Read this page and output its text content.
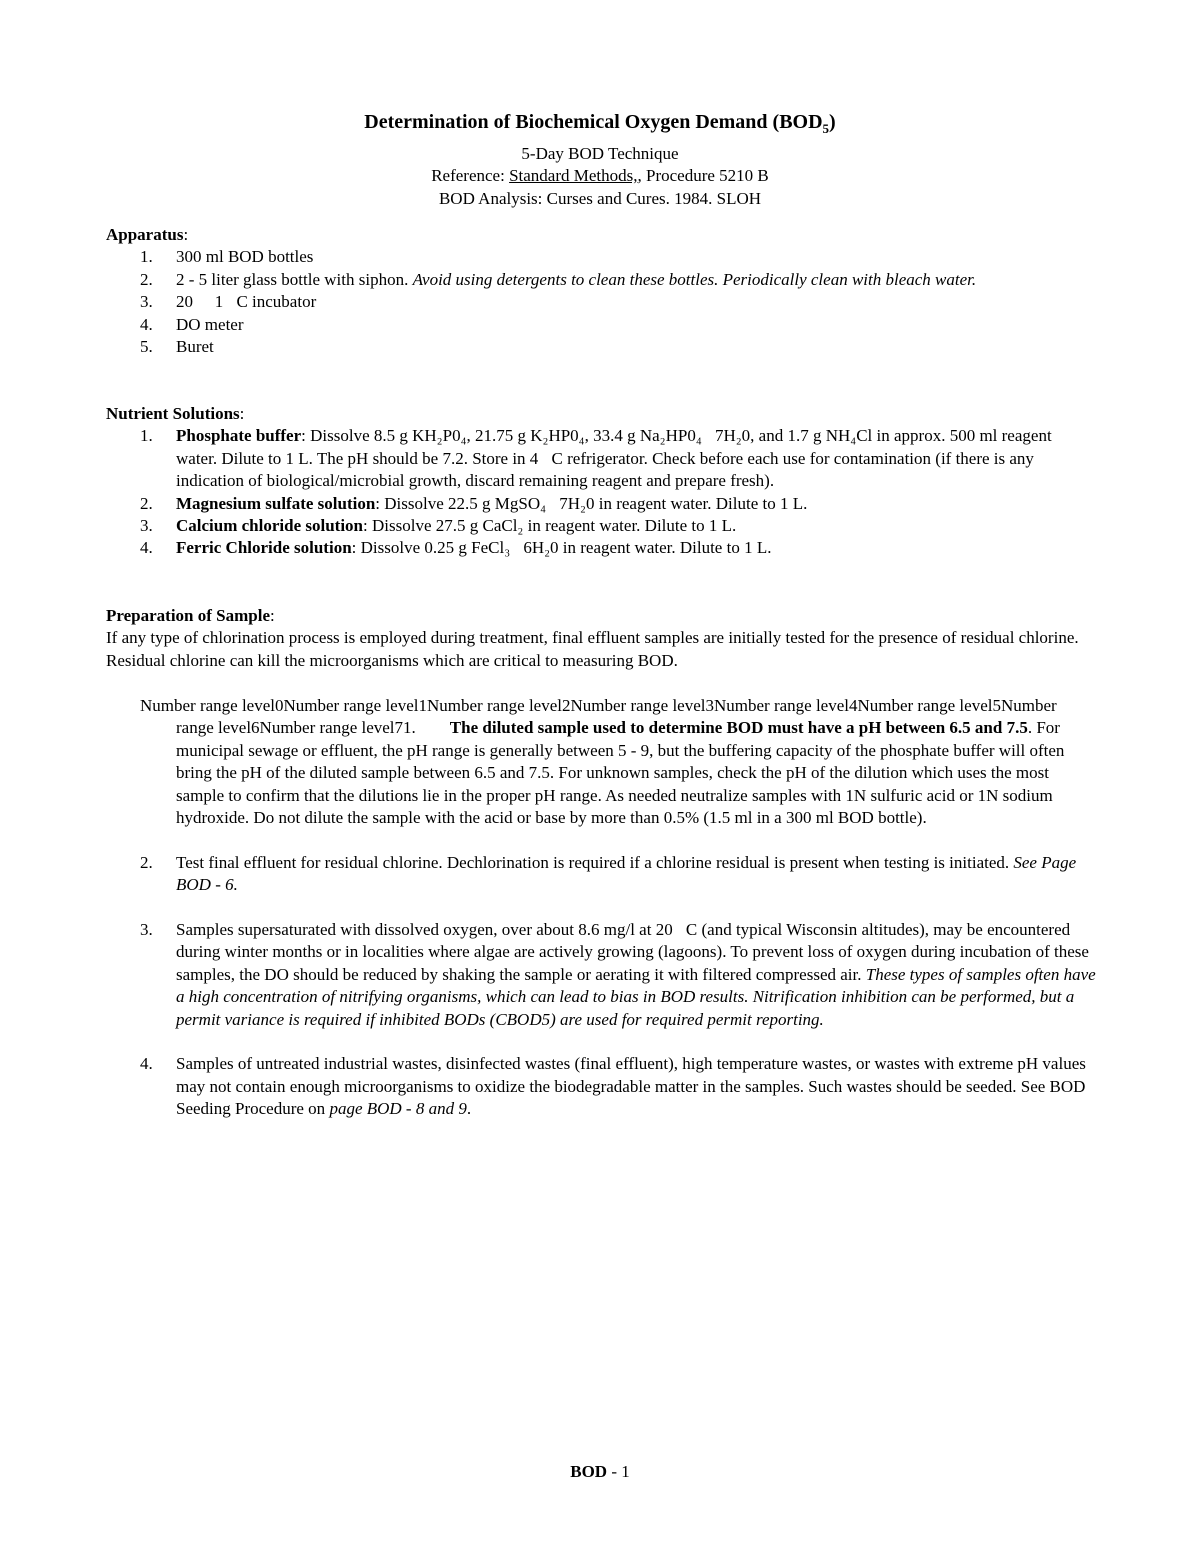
Determination of Biochemical Oxygen Demand $(BOD_5)$

5-Day BOD Technique

Reference: Standard Methods,, Procedure 5210 B

BOD Analysis: Curses and Cures. 1984. SLOH

Apparatus:

1. 300 ml BOD bottles
2. 2 - 5 liter glass bottle with siphon. Avoid using detergents to clean these bottles. Periodically clean with bleach water.
3. 20   1 C incubator
4. DO meter
5. Buret

Nutrient Solutions:

1. Phosphate buffer: Dissolve 8.5 g KH₂P0₄, 21.75 g K₂HP0₄, 33.4 g Na₂HP0₄ 7H₂0, and 1.7 g NH₄Cl in approx. 500 ml reagent water. Dilute to 1 L. The pH should be 7.2. Store in 4 C refrigerator. Check before each use for contamination (if there is any indication of biological/microbial growth, discard remaining reagent and prepare fresh).
2. Magnesium sulfate solution: Dissolve 22.5 g MgSO₄ 7H₂0 in reagent water. Dilute to 1 L.
3. Calcium chloride solution: Dissolve 27.5 g CaCl₂ in reagent water. Dilute to 1 L.
4. Ferric Chloride solution: Dissolve 0.25 g FeCl₃ 6H₂0 in reagent water. Dilute to 1 L.

Preparation of Sample:

If any type of chlorination process is employed during treatment, final effluent samples are initially tested for the presence of residual chlorine. Residual chlorine can kill the microorganisms which are critical to measuring BOD.

Number range level0Number range level1Number range level2Number range level3Number range level4Number range level5Number range level6Number range level71. The diluted sample used to determine BOD must have a pH between 6.5 and 7.5. For municipal sewage or effluent, the pH range is generally between 5 - 9, but the buffering capacity of the phosphate buffer will often bring the pH of the diluted sample between 6.5 and 7.5. For unknown samples, check the pH of the dilution which uses the most sample to confirm that the dilutions lie in the proper pH range. As needed neutralize samples with 1N sulfuric acid or 1N sodium hydroxide. Do not dilute the sample with the acid or base by more than 0.5% (1.5 ml in a 300 ml BOD bottle).

2. Test final effluent for residual chlorine. Dechlorination is required if a chlorine residual is present when testing is initiated. See Page BOD - 6.
3. Samples supersaturated with dissolved oxygen, over about 8.6 mg/l at 20 C (and typical Wisconsin altitudes), may be encountered during winter months or in localities where algae are actively growing (lagoons). To prevent loss of oxygen during incubation of these samples, the DO should be reduced by shaking the sample or aerating it with filtered compressed air. These types of samples often have a high concentration of nitrifying organisms, which can lead to bias in BOD results. Nitrification inhibition can be performed, but a permit variance is required if inhibited BODs (CBOD5) are used for required permit reporting.
4. Samples of untreated industrial wastes, disinfected wastes (final effluent), high temperature wastes, or wastes with extreme pH values may not contain enough microorganisms to oxidize the biodegradable matter in the samples. Such wastes should be seeded. See BOD Seeding Procedure on page BOD - 8 and 9.
BOD - 1
